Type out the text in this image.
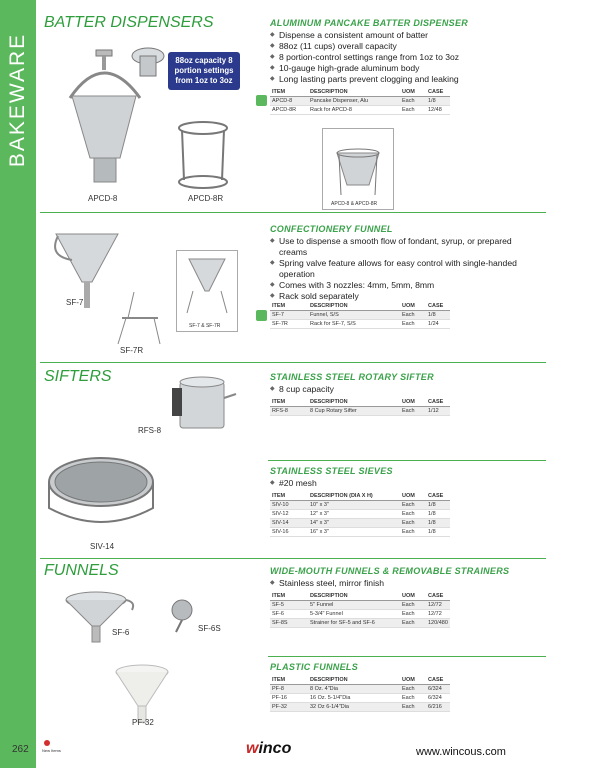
BAKEWARE
262
BATTER DISPENSERS
APCD-8
88oz capacity 8 portion settings from 1oz to 3oz
APCD-8R
ALUMINUM PANCAKE BATTER DISPENSER
◆ Dispense a consistent amount of batter
◆ 88oz (11 cups) overall capacity
◆ 8 portion-control settings range from 1oz to 3oz
◆ 10-gauge high-grade aluminum body
◆ Long lasting parts prevent clogging and leaking
ITEM	DESCRIPTION	UOM	CASE
APCD-8	Pancake Dispenser, Alu	Each	1/8
APCD-8R	Rack for APCD-8	Each	12/48
APCD-8 & APCD-8R
SF-7
SF-7R
SF-7 & SF-7R
CONFECTIONERY FUNNEL
◆ Use to dispense a smooth flow of fondant, syrup, or prepared creams
◆ Spring valve feature allows for easy control with single-handed operation
◆ Comes with 3 nozzles: 4mm, 5mm, 8mm
◆ Rack sold separately
ITEM	DESCRIPTION	UOM	CASE
SF-7	Funnel, S/S	Each	1/8
SF-7R	Rack for SF-7, S/S	Each	1/24
SIFTERS
RFS-8
STAINLESS STEEL ROTARY SIFTER
◆ 8 cup capacity
ITEM	DESCRIPTION	UOM	CASE
RFS-8	8 Cup Rotary Sifter	Each	1/12
SIV-14
STAINLESS STEEL SIEVES
◆ #20 mesh
ITEM	DESCRIPTION (DIA X H)	UOM	CASE
SIV-10	10" x 3"	Each	1/8
SIV-12	12" x 3"	Each	1/8
SIV-14	14" x 3"	Each	1/8
SIV-16	16" x 3"	Each	1/8
FUNNELS
SF-6	SF-6S
WIDE-MOUTH FUNNELS & REMOVABLE STRAINERS
◆ Stainless steel, mirror finish
ITEM	DESCRIPTION	UOM	CASE
SF-5	5" Funnel	Each	12/72
SF-6	5-3/4" Funnel	Each	12/72
SF-8S	Strainer for SF-5 and SF-6	Each	120/480
PF-32
PLASTIC FUNNELS
ITEM	DESCRIPTION	UOM	CASE
PF-8	8 Oz. 4"Dia	Each	6/324
PF-16	16 Oz. 5-1/4"Dia	Each	6/324
PF-32	32 Oz 6-1/4"Dia	Each	6/216
New Items	winco	www.wincous.com
